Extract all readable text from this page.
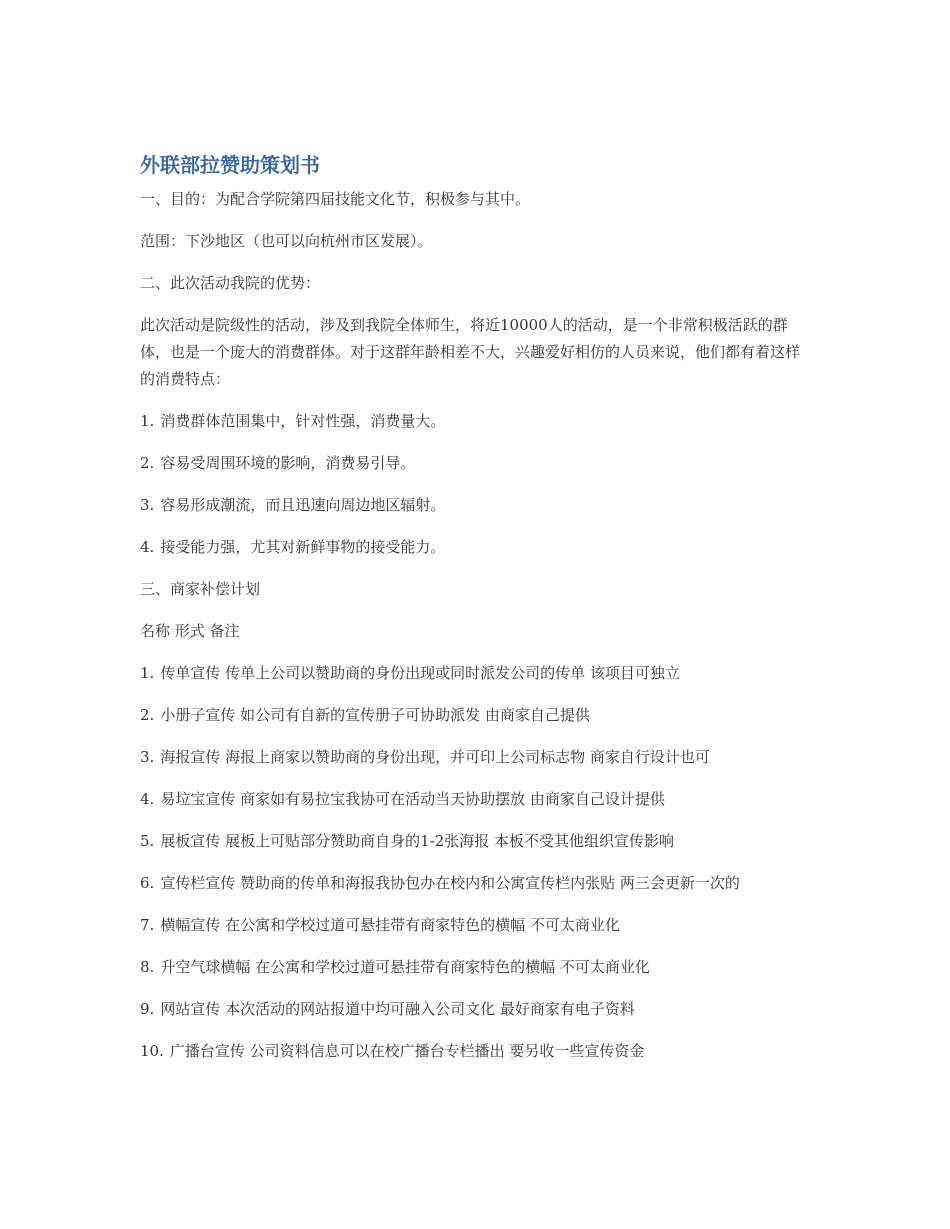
外联部拉赞助策划书

一、目的：为配合学院第四届技能文化节，积极参与其中。

范围：下沙地区（也可以向杭州市区发展）。

二、此次活动我院的优势：

此次活动是院级性的活动，涉及到我院全体师生，将近10000人的活动，是一个非常积极活跃的群体，也是一个庞大的消费群体。对于这群年龄相差不大，兴趣爱好相仿的人员来说，他们都有着这样的消费特点：

1. 消费群体范围集中，针对性强，消费量大。

2. 容易受周围环境的影响，消费易引导。

3. 容易形成潮流，而且迅速向周边地区辐射。

4. 接受能力强，尤其对新鲜事物的接受能力。

三、商家补偿计划

名称 形式 备注

1. 传单宣传 传单上公司以赞助商的身份出现或同时派发公司的传单 该项目可独立

2. 小册子宣传 如公司有自新的宣传册子可协助派发 由商家自己提供

3. 海报宣传 海报上商家以赞助商的身份出现，并可印上公司标志物 商家自行设计也可

4. 易垃宝宣传 商家如有易拉宝我协可在活动当天协助摆放 由商家自己设计提供

5. 展板宣传 展板上可贴部分赞助商自身的1-2张海报 本板不受其他组织宣传影响

6. 宣传栏宣传 赞助商的传单和海报我协包办在校内和公寓宣传栏内张贴 两三会更新一次的

7. 横幅宣传 在公寓和学校过道可悬挂带有商家特色的横幅 不可太商业化

8. 升空气球横幅 在公寓和学校过道可悬挂带有商家特色的横幅 不可太商业化

9. 网站宣传 本次活动的网站报道中均可融入公司文化 最好商家有电子资料

10. 广播台宣传 公司资料信息可以在校广播台专栏播出 要另收一些宣传资金
